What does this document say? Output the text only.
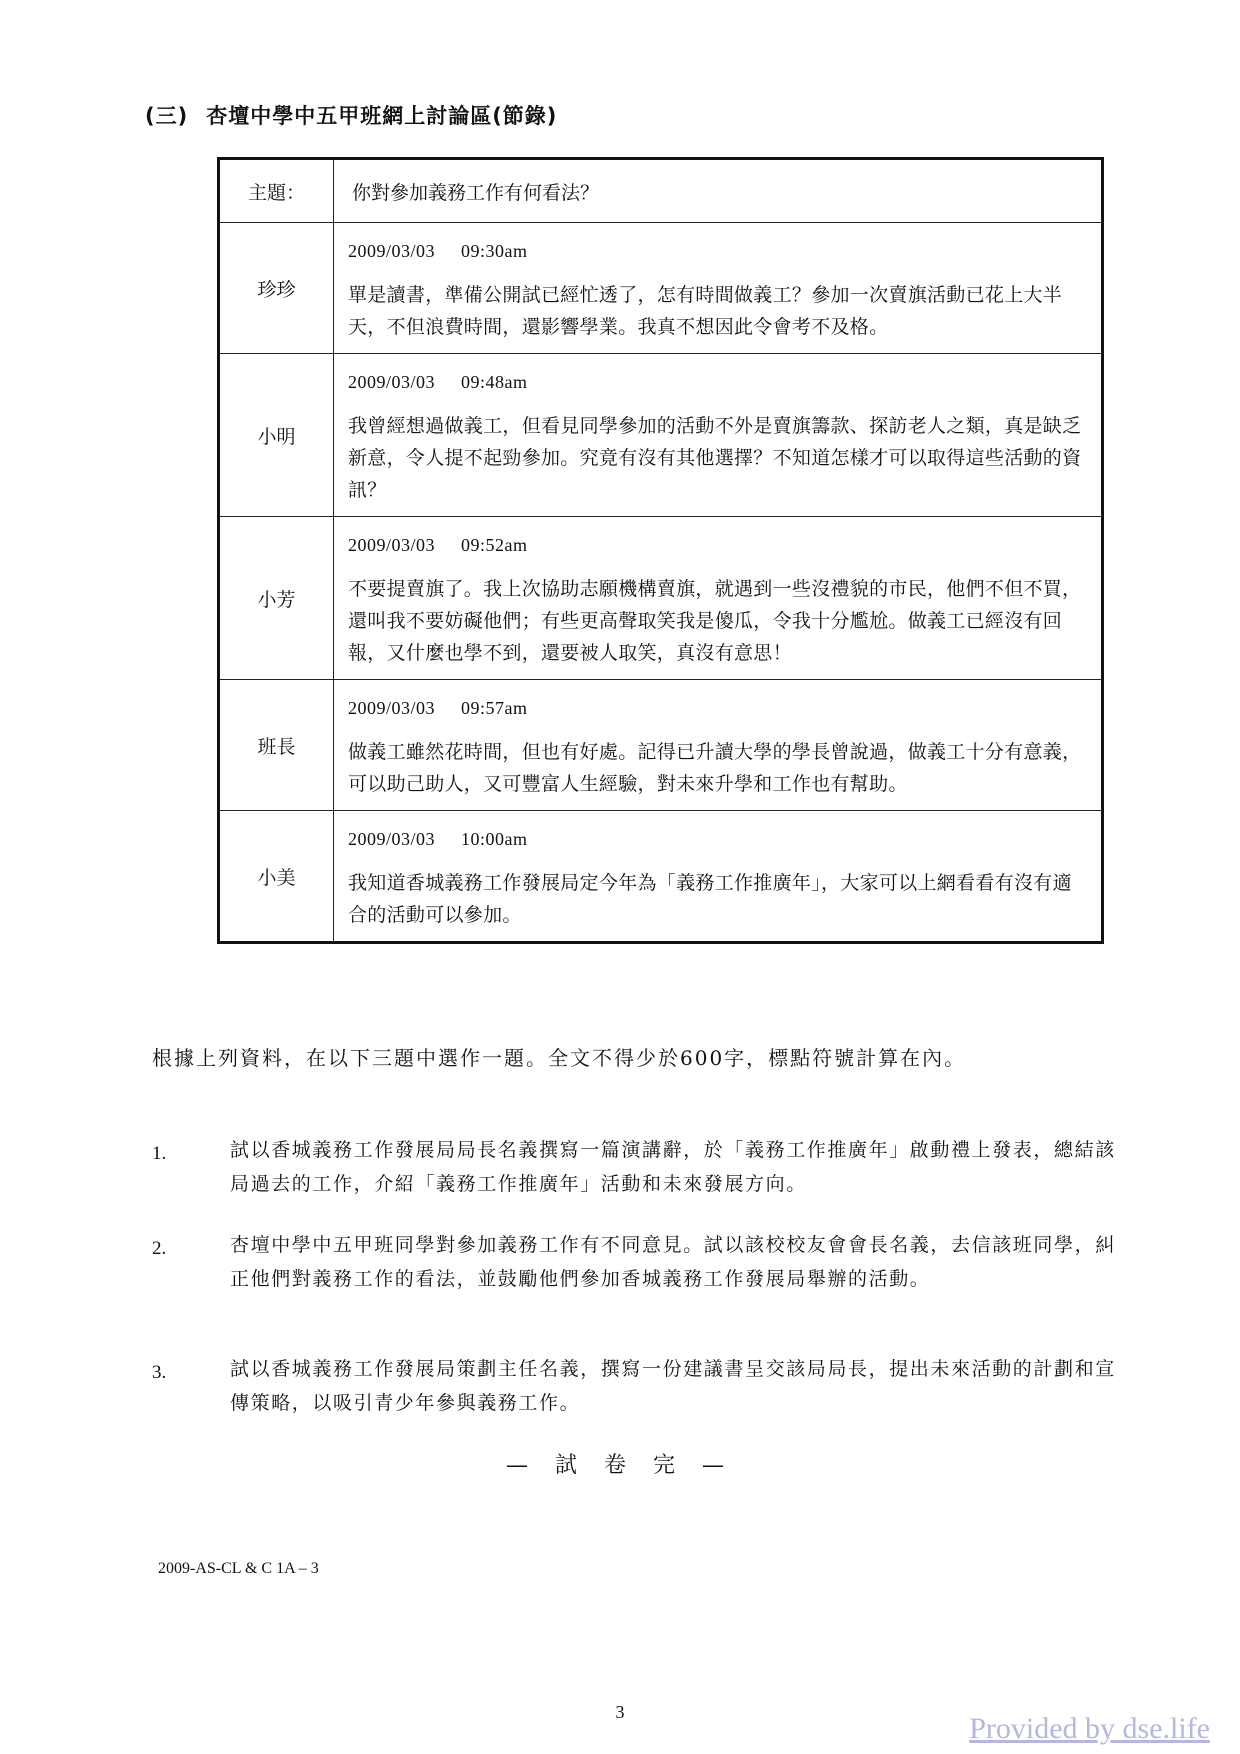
(三) 杏壇中學中五甲班網上討論區(節錄)
主題：	你對參加義務工作有何看法？
珍珍	2009/03/03 09:30am
單是讀書，準備公開試已經忙透了，怎有時間做義工？參加一次賣旗活動已花上大半天，不但浪費時間，還影響學業。我真不想因此令會考不及格。

小明	2009/03/03 09:48am
我曾經想過做義工，但看見同學參加的活動不外是賣旗籌款、探訪老人之類，真是缺乏新意，令人提不起勁參加。究竟有沒有其他選擇？不知道怎樣才可以取得這些活動的資訊？

小芳	2009/03/03 09:52am
不要提賣旗了。我上次協助志願機構賣旗，就遇到一些沒禮貌的市民，他們不但不買，還叫我不要妨礙他們；有些更高聲取笑我是傻瓜，令我十分尷尬。做義工已經沒有回報，又什麼也學不到，還要被人取笑，真沒有意思！

班長	2009/03/03 09:57am
做義工雖然花時間，但也有好處。記得已升讀大學的學長曾說過，做義工十分有意義，可以助己助人，又可豐富人生經驗，對未來升學和工作也有幫助。

小美	2009/03/03 10:00am
我知道香城義務工作發展局定今年為「義務工作推廣年」，大家可以上網看看有沒有適合的活動可以參加。
根據上列資料，在以下三題中選作一題。全文不得少於600字，標點符號計算在內。
1.	試以香城義務工作發展局局長名義撰寫一篇演講辭，於「義務工作推廣年」啟動禮上發表，總結該局過去的工作，介紹「義務工作推廣年」活動和未來發展方向。
2.	杏壇中學中五甲班同學對參加義務工作有不同意見。試以該校校友會會長名義，去信該班同學，糾正他們對義務工作的看法，並鼓勵他們參加香城義務工作發展局舉辦的活動。
3.	試以香城義務工作發展局策劃主任名義，撰寫一份建議書呈交該局局長，提出未來活動的計劃和宣傳策略，以吸引青少年參與義務工作。
— 試 卷 完 —
2009-AS-CL & C 1A – 3
3	Provided by dse.life
